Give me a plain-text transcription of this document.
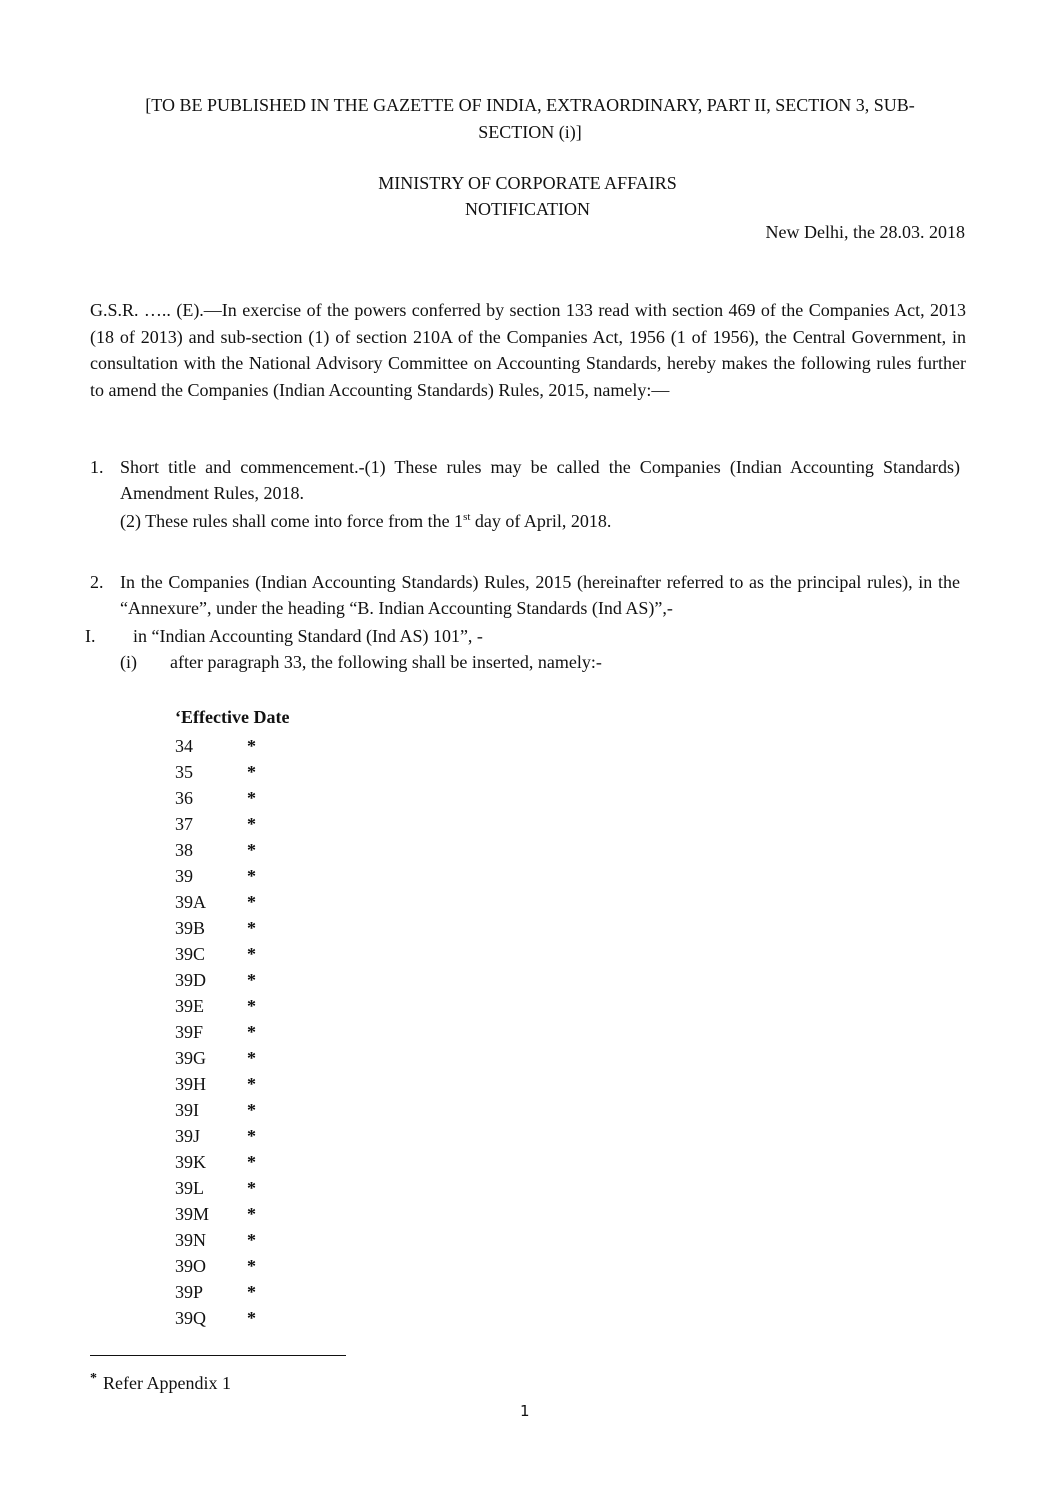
[TO BE PUBLISHED IN THE GAZETTE OF INDIA, EXTRAORDINARY, PART II, SECTION 3, SUB-
SECTION (i)]
MINISTRY OF CORPORATE AFFAIRS
NOTIFICATION
New Delhi, the 28.03. 2018
G.S.R. ….. (E).—In exercise of the powers conferred by section 133 read with section 469 of the Companies Act, 2013 (18 of 2013) and sub-section (1) of section 210A of the Companies Act, 1956 (1 of 1956), the Central Government, in consultation with the National Advisory Committee on Accounting Standards, hereby makes the following rules further to amend the Companies (Indian Accounting Standards) Rules, 2015, namely:—
1. Short title and commencement.-(1) These rules may be called the Companies (Indian Accounting Standards) Amendment Rules, 2018.
(2) These rules shall come into force from the 1st day of April, 2018.
2. In the Companies (Indian Accounting Standards) Rules, 2015 (hereinafter referred to as the principal rules), in the “Annexure”, under the heading “B. Indian Accounting Standards (Ind AS)”,-
I. in “Indian Accounting Standard (Ind AS) 101”, -
(i) after paragraph 33, the following shall be inserted, namely:-
‘Effective Date
34	*
35	*
36	*
37	*
38	*
39	*
39A *
39B *
39C *
39D *
39E *
39F *
39G *
39H *
39I	*
39J	*
39K *
39L *
39M *
39N *
39O *
39P *
39Q *
* Refer Appendix 1
1
